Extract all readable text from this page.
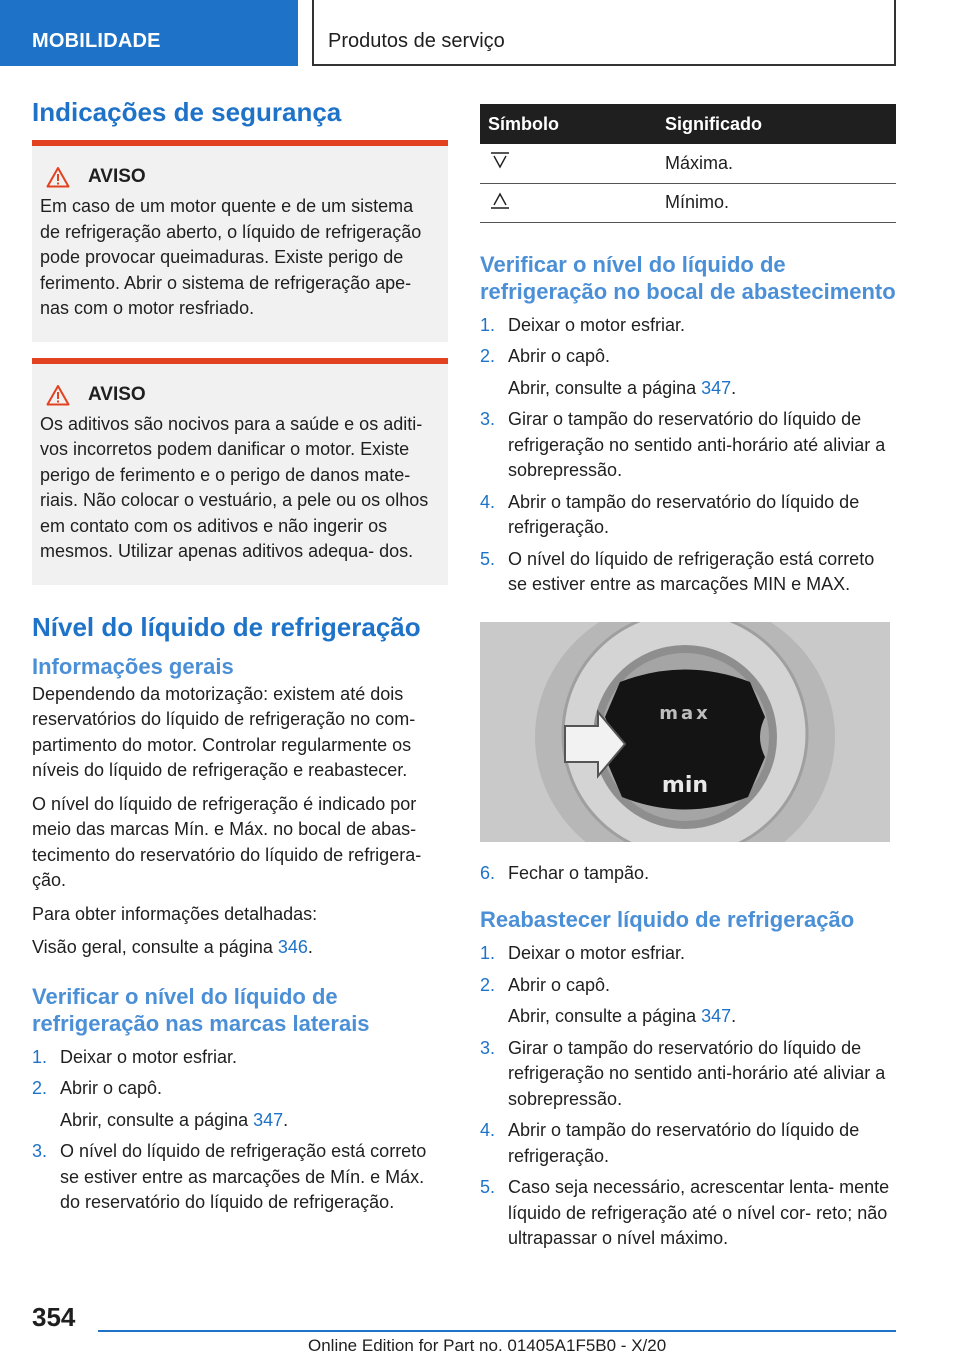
MOBILIDADE	Produtos de serviço
Indicações de segurança
AVISO

Em caso de um motor quente e de um sistema de refrigeração aberto, o líquido de refrigeração pode provocar queimaduras. Existe perigo de ferimento. Abrir o sistema de refrigeração ape- nas com o motor resfriado.

AVISO

Os aditivos são nocivos para a saúde e os aditi- vos incorretos podem danificar o motor. Existe perigo de ferimento e o perigo de danos mate- riais. Não colocar o vestuário, a pele ou os olhos em contato com os aditivos e não ingerir os mesmos. Utilizar apenas aditivos adequa- dos.

Nível do líquido de refrigeração
Informações gerais

Dependendo da motorização: existem até dois reservatórios do líquido de refrigeração no com- partimento do motor. Controlar regularmente os níveis do líquido de refrigeração e reabastecer.

O nível do líquido de refrigeração é indicado por meio das marcas Mín. e Máx. no bocal de abas- tecimento do reservatório do líquido de refrigera- ção.

Para obter informações detalhadas:

Visão geral, consulte a página 346.

Verificar o nível do líquido de refrigeração nas marcas laterais
1. Deixar o motor esfriar.
2. Abrir o capô.
Abrir, consulte a página 347.
3. O nível do líquido de refrigeração está correto se estiver entre as marcações de Mín. e Máx. do reservatório do líquido de refrigeração.
Símbolo	Significado
	Máxima.
	Mínimo.
Verificar o nível do líquido de refrigeração no bocal de abastecimento
1. Deixar o motor esfriar.
2. Abrir o capô.
Abrir, consulte a página 347.
3. Girar o tampão do reservatório do líquido de refrigeração no sentido anti-horário até aliviar a sobrepressão.
4. Abrir o tampão do reservatório do líquido de refrigeração.
5. O nível do líquido de refrigeração está correto se estiver entre as marcações MIN e MAX.
max
min
6. Fechar o tampão.
Reabastecer líquido de refrigeração
1. Deixar o motor esfriar.
2. Abrir o capô.
Abrir, consulte a página 347.
3. Girar o tampão do reservatório do líquido de refrigeração no sentido anti-horário até aliviar a sobrepressão.
4. Abrir o tampão do reservatório do líquido de refrigeração.
5. Caso seja necessário, acrescentar lenta- mente líquido de refrigeração até o nível cor- reto; não ultrapassar o nível máximo.
354
Online Edition for Part no. 01405A1F5B0 - X/20
